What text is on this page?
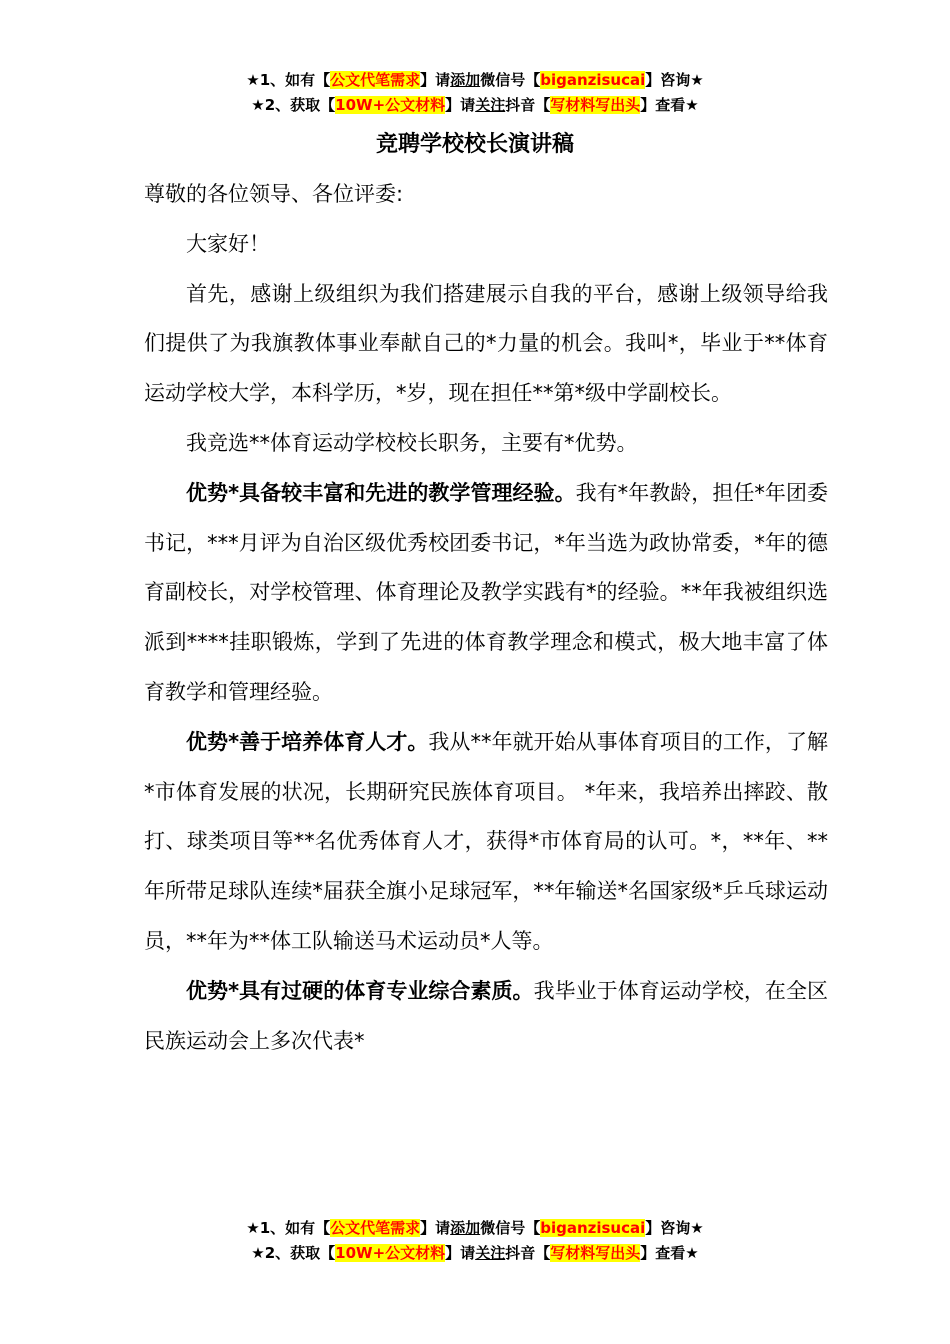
★1、如有【公文代笔需求】请添加微信号【biganzisucai】咨询★
★2、获取【10W+公文材料】请关注抖音【写材料写出头】查看★
竞聘学校校长演讲稿

尊敬的各位领导、各位评委:

大家好！

首先，感谢上级组织为我们搭建展示自我的平台，感谢上级领导给我们提供了为我旗教体事业奉献自己的*力量的机会。我叫*，毕业于**体育运动学校大学，本科学历，*岁，现在担任**第*级中学副校长。

我竞选**体育运动学校校长职务，主要有*优势。

优势*具备较丰富和先进的教学管理经验。我有*年教龄，担任*年团委书记，***月评为自治区级优秀校团委书记，*年当选为政协常委，*年的德育副校长，对学校管理、体育理论及教学实践有*的经验。**年我被组织选派到****挂职锻炼，学到了先进的体育教学理念和模式，极大地丰富了体育教学和管理经验。

优势*善于培养体育人才。我从**年就开始从事体育项目的工作，了解*市体育发展的状况，长期研究民族体育项目。 *年来，我培养出摔跤、散打、球类项目等**名优秀体育人才，获得*市体育局的认可。*，**年、**年所带足球队连续*届获全旗小足球冠军，**年输送*名国家级*乒乓球运动员，**年为**体工队输送马术运动员*人等。

优势*具有过硬的体育专业综合素质。我毕业于体育运动学校，在全区民族运动会上多次代表*

★1、如有【公文代笔需求】请添加微信号【biganzisucai】咨询★
★2、获取【10W+公文材料】请关注抖音【写材料写出头】查看★
